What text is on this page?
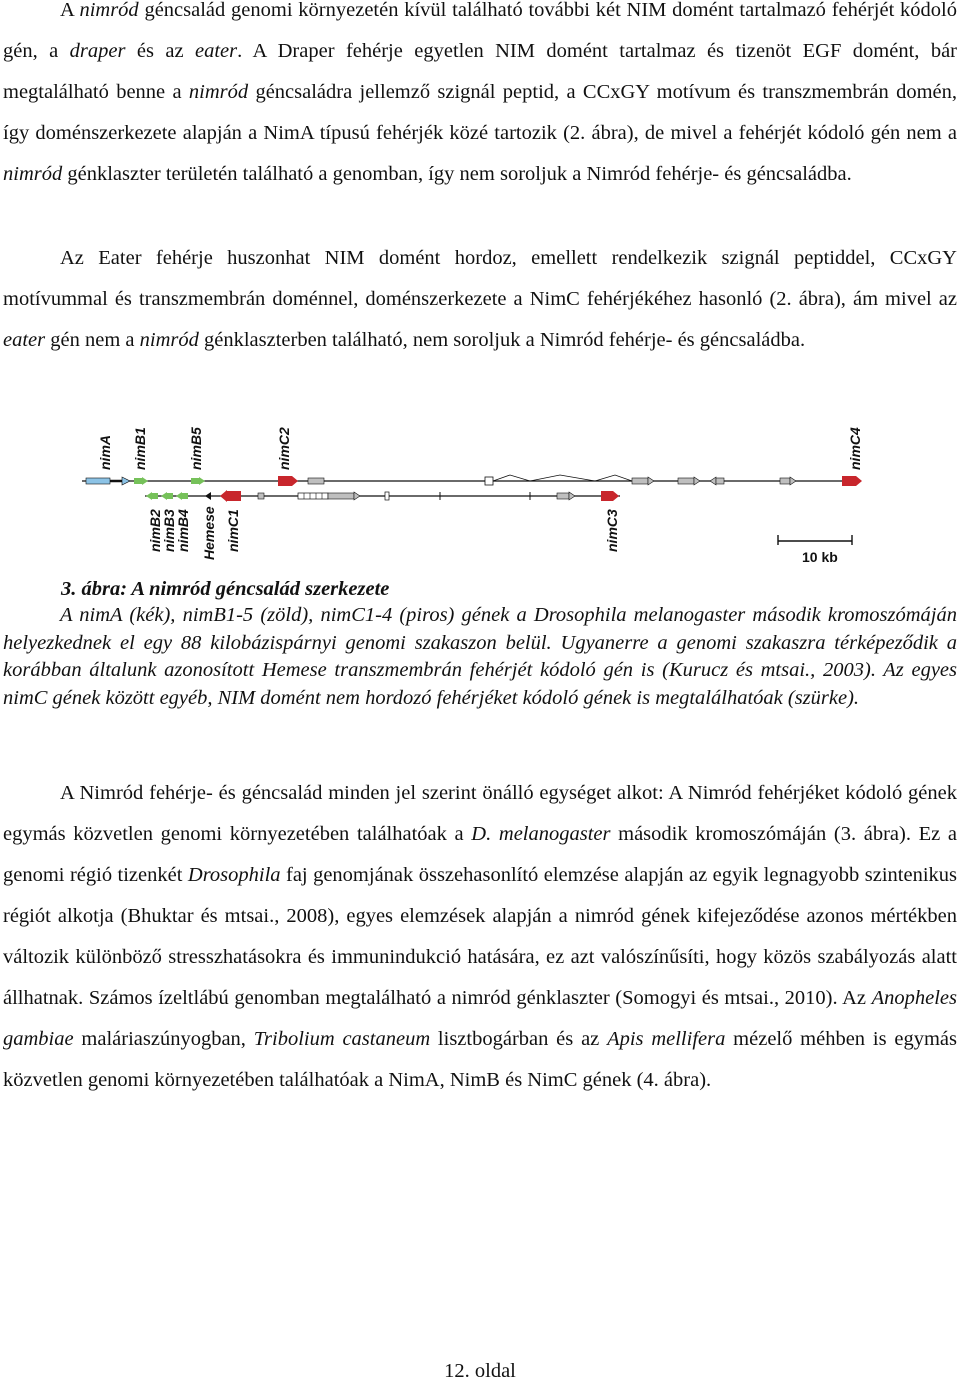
A nimród géncsalád genomi környezetén kívül található további két NIM domént tartalmazó fehérjét kódoló gén, a draper és az eater. A Draper fehérje egyetlen NIM domént tartalmaz és tizenöt EGF domént, bár megtalálható benne a nimród géncsaládra jellemző szignál peptid, a CCxGY motívum és transzmembrán domén, így doménszerkezete alapján a NimA típusú fehérjék közé tartozik (2. ábra), de mivel a fehérjét kódoló gén nem a nimród génklaszter területén található a genomban, így nem soroljuk a Nimród fehérje- és géncsaládba.

Az Eater fehérje huszonhat NIM domént hordoz, emellett rendelkezik szignál peptiddel, CCxGY motívummal és transzmembrán doménnel, doménszerkezete a NimC fehérjékéhez hasonló (2. ábra), ám mivel az eater gén nem a nimród génklaszterben található, nem soroljuk a Nimród fehérje- és géncsaládba.

nimA nimB1	nimB5	nimC2	nimC4
nimB2
nimB3
nimB4 Hemese nimC1	nimC3
10 kb

3. ábra: A nimród géncsalád szerkezete

A nimA (kék), nimB1-5 (zöld), nimC1-4 (piros) gének a Drosophila melanogaster második kromoszómáján helyezkednek el egy 88 kilobázispárnyi genomi szakaszon belül. Ugyanerre a genomi szakaszra térképeződik a korábban általunk azonosított Hemese transzmembrán fehérjét kódoló gén is (Kurucz és mtsai., 2003). Az egyes nimC gének között egyéb, NIM domént nem hordozó fehérjéket kódoló gének is megtalálhatóak (szürke).

A Nimród fehérje- és géncsalád minden jel szerint önálló egységet alkot: A Nimród fehérjéket kódoló gének egymás közvetlen genomi környezetében találhatóak a D. melanogaster második kromoszómáján (3. ábra). Ez a genomi régió tizenkét Drosophila faj genomjának összehasonlító elemzése alapján az egyik legnagyobb szintenikus régiót alkotja (Bhuktar és mtsai., 2008), egyes elemzések alapján a nimród gének kifejeződése azonos mértékben változik különböző stresszhatásokra és immunindukció hatására, ez azt valószínűsíti, hogy közös szabályozás alatt állhatnak. Számos ízeltlábú genomban megtalálható a nimród génklaszter (Somogyi és mtsai., 2010). Az Anopheles gambiae maláriaszúnyogban, Tribolium castaneum lisztbogárban és az Apis mellifera mézelő méhben is egymás közvetlen genomi környezetében találhatóak a NimA, NimB és NimC gének (4. ábra).

12. oldal
